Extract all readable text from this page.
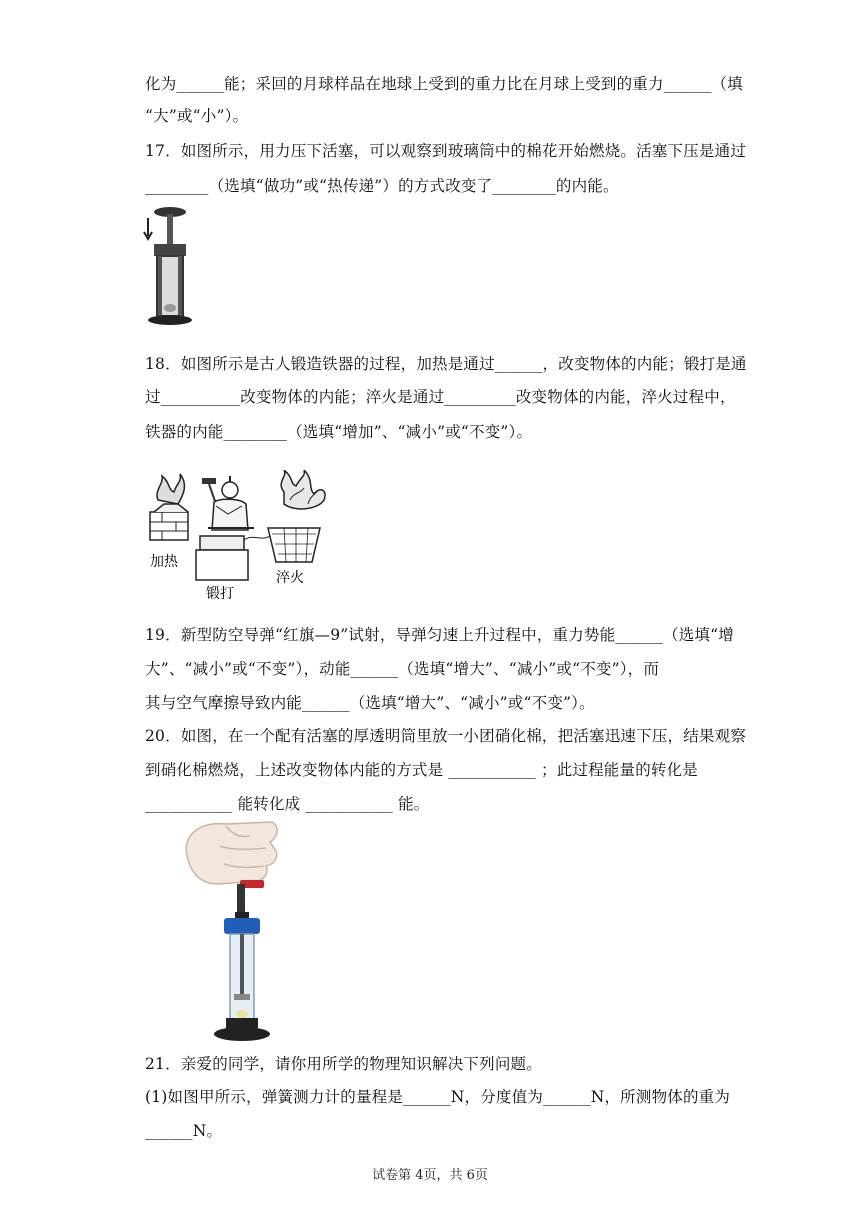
化为______能；采回的月球样品在地球上受到的重力比在月球上受到的重力______（填
“大”或“小”）。
17．如图所示，用力压下活塞，可以观察到玻璃筒中的棉花开始燃烧。活塞下压是通过
________（选填“做功”或“热传递”）的方式改变了________的内能。
18．如图所示是古人锻造铁器的过程，加热是通过______，改变物体的内能；锻打是通
过__________改变物体的内能；淬火是通过_________改变物体的内能，淬火过程中，
铁器的内能________（选填“增加”、“减小”或“不变”）。
加热
锻打
淬火
19．新型防空导弹“红旗—9”试射，导弹匀速上升过程中，重力势能______（选填“增
大”、“减小”或“不变”），动能______（选填“增大”、“减小”或“不变”），而
其与空气摩擦导致内能______（选填“增大”、“减小”或“不变”）。
20．如图，在一个配有活塞的厚透明筒里放一小团硝化棉，把活塞迅速下压，结果观察
到硝化棉燃烧，上述改变物体内能的方式是 ___________ ；此过程能量的转化是
___________ 能转化成 ___________ 能。
21．亲爱的同学，请你用所学的物理知识解决下列问题。
(1)如图甲所示，弹簧测力计的量程是______N，分度值为______N，所测物体的重为
______N。
试卷第 4页，共 6页
